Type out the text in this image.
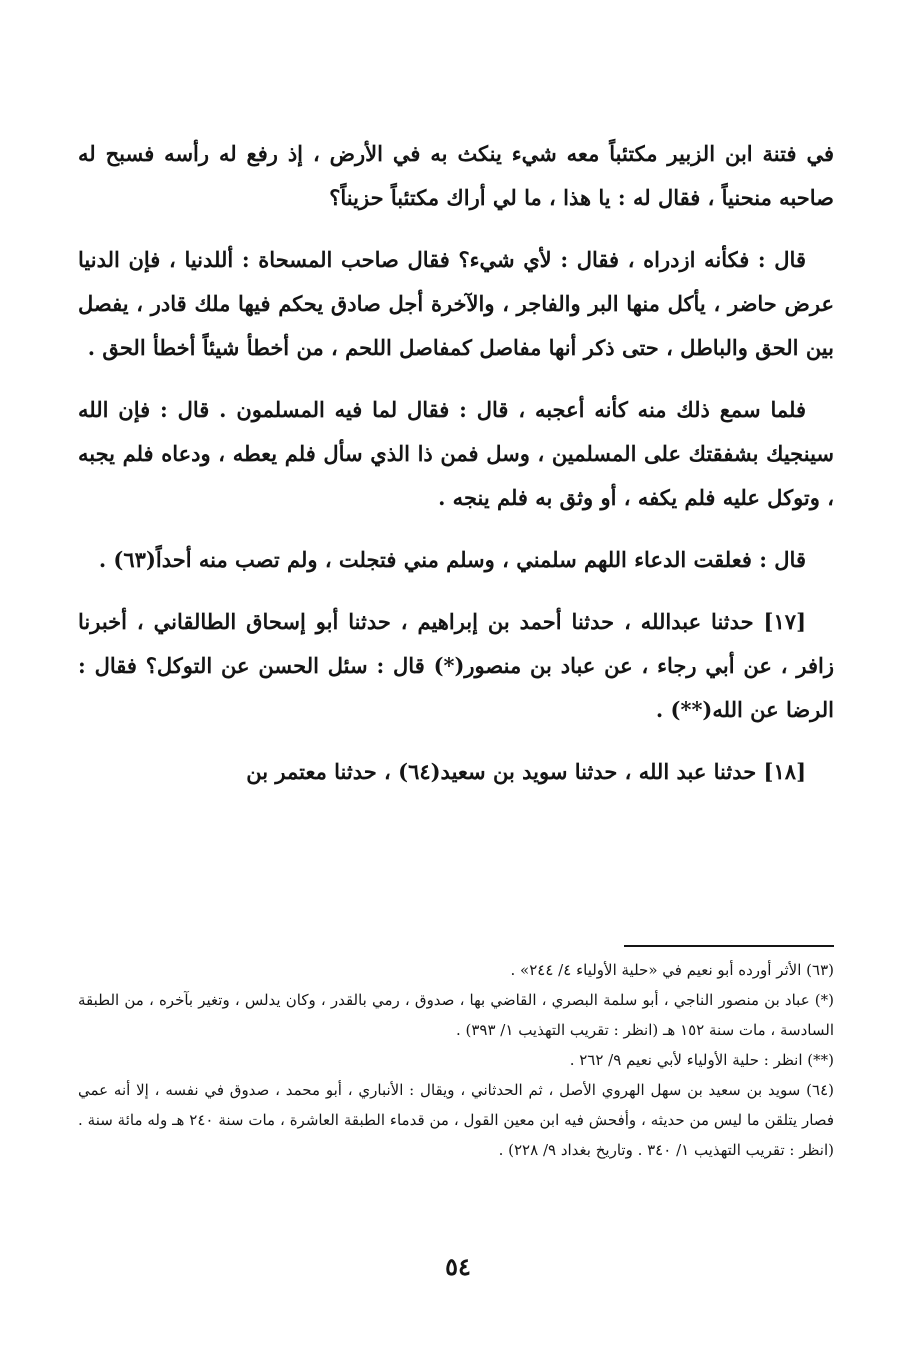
في فتنة ابن الزبير مكتئباً معه شيء ينكث به في الأرض ، إذ رفع له رأسه فسبح له صاحبه منحنياً ، فقال له : يا هذا ، ما لي أراك مكتئباً حزيناً؟

قال : فكأنه ازدراه ، فقال : لأي شيء؟ فقال صاحب المسحاة : أللدنيا ، فإن الدنيا عرض حاضر ، يأكل منها البر والفاجر ، والآخرة أجل صادق يحكم فيها ملك قادر ، يفصل بين الحق والباطل ، حتى ذكر أنها مفاصل كمفاصل اللحم ، من أخطأ شيئاً أخطأ الحق .

فلما سمع ذلك منه كأنه أعجبه ، قال : فقال لما فيه المسلمون . قال : فإن الله سينجيك بشفقتك على المسلمين ، وسل فمن ذا الذي سأل فلم يعطه ، ودعاه فلم يجبه ، وتوكل عليه فلم يكفه ، أو وثق به فلم ينجه .

قال : فعلقت الدعاء اللهم سلمني ، وسلم مني فتجلت ، ولم تصب منه أحداً(٦٣) .

[١٧] حدثنا عبدالله ، حدثنا أحمد بن إبراهيم ، حدثنا أبو إسحاق الطالقاني ، أخبرنا زافر ، عن أبي رجاء ، عن عباد بن منصور(*) قال : سئل الحسن عن التوكل؟ فقال : الرضا عن الله(**) .

[١٨] حدثنا عبد الله ، حدثنا سويد بن سعيد(٦٤) ، حدثنا معتمر بن

(٦٣) الأثر أورده أبو نعيم في «حلية الأولياء ٤/ ٢٤٤» .
(*) عباد بن منصور الناجي ، أبو سلمة البصري ، القاضي بها ، صدوق ، رمي بالقدر ، وكان يدلس ، وتغير بآخره ، من الطبقة السادسة ، مات سنة ١٥٢ هـ (انظر : تقريب التهذيب ١/ ٣٩٣) .
(**) انظر : حلية الأولياء لأبي نعيم ٩/ ٢٦٢ .
(٦٤) سويد بن سعيد بن سهل الهروي الأصل ، ثم الحدثاني ، ويقال : الأنباري ، أبو محمد ، صدوق في نفسه ، إلا أنه عمي فصار يتلقن ما ليس من حديثه ، وأفحش فيه ابن معين القول ، من قدماء الطبقة العاشرة ، مات سنة ٢٤٠ هـ وله مائة سنة . (انظر : تقريب التهذيب ١/ ٣٤٠ . وتاريخ بغداد ٩/ ٢٢٨) .
٥٤
